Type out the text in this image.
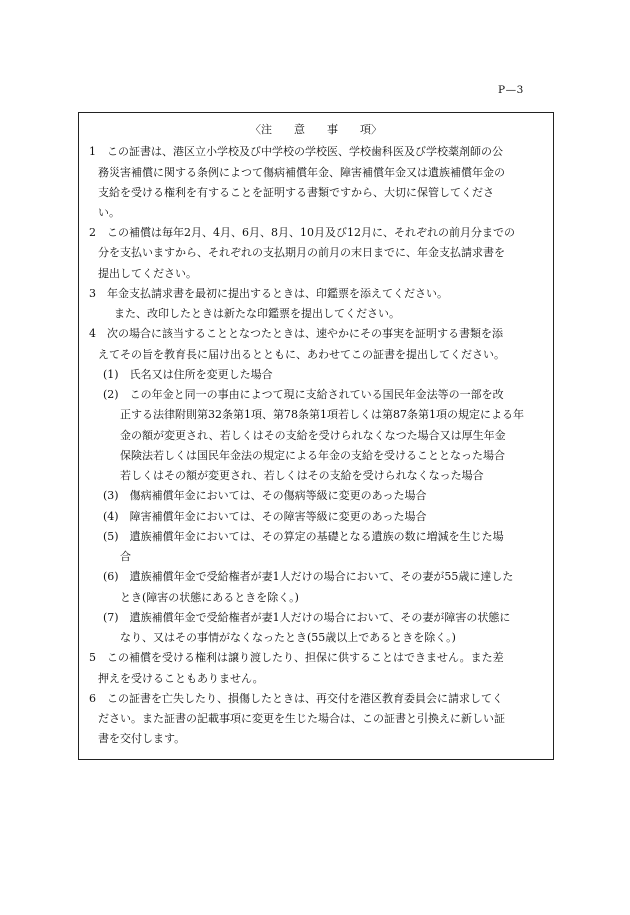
P—3
〈注　　意　　事　　項〉
1　この証書は、港区立小学校及び中学校の学校医、学校歯科医及び学校薬剤師の公
務災害補償に関する条例によつて傷病補償年金、障害補償年金又は遺族補償年金の
支給を受ける権利を有することを証明する書類ですから、大切に保管してくださ
い。
2　この補償は毎年2月、4月、6月、8月、10月及び12月に、それぞれの前月分までの
分を支払いますから、それぞれの支払期月の前月の末日までに、年金支払請求書を
提出してください。
3　年金支払請求書を最初に提出するときは、印鑑票を添えてください。
また、改印したときは新たな印鑑票を提出してください。
4　次の場合に該当することとなつたときは、速やかにその事実を証明する書類を添
えてその旨を教育長に届け出るとともに、あわせてこの証書を提出してください。
(1)　氏名又は住所を変更した場合
(2)　この年金と同一の事由によつて現に支給されている国民年金法等の一部を改
正する法律附則第32条第1項、第78条第1項若しくは第87条第1項の規定による年
金の額が変更され、若しくはその支給を受けられなくなつた場合又は厚生年金
保険法若しくは国民年金法の規定による年金の支給を受けることとなった場合
若しくはその額が変更され、若しくはその支給を受けられなくなった場合
(3)　傷病補償年金においては、その傷病等級に変更のあった場合
(4)　障害補償年金においては、その障害等級に変更のあった場合
(5)　遺族補償年金においては、その算定の基礎となる遺族の数に増減を生じた場
合
(6)　遺族補償年金で受給権者が妻1人だけの場合において、その妻が55歳に達した
とき(障害の状態にあるときを除く。)
(7)　遺族補償年金で受給権者が妻1人だけの場合において、その妻が障害の状態に
なり、又はその事情がなくなったとき(55歳以上であるときを除く。)
5　この補償を受ける権利は譲り渡したり、担保に供することはできません。また差
押えを受けることもありません。
6　この証書を亡失したり、損傷したときは、再交付を港区教育委員会に請求してく
ださい。また証書の記載事項に変更を生じた場合は、この証書と引換えに新しい証
書を交付します。
